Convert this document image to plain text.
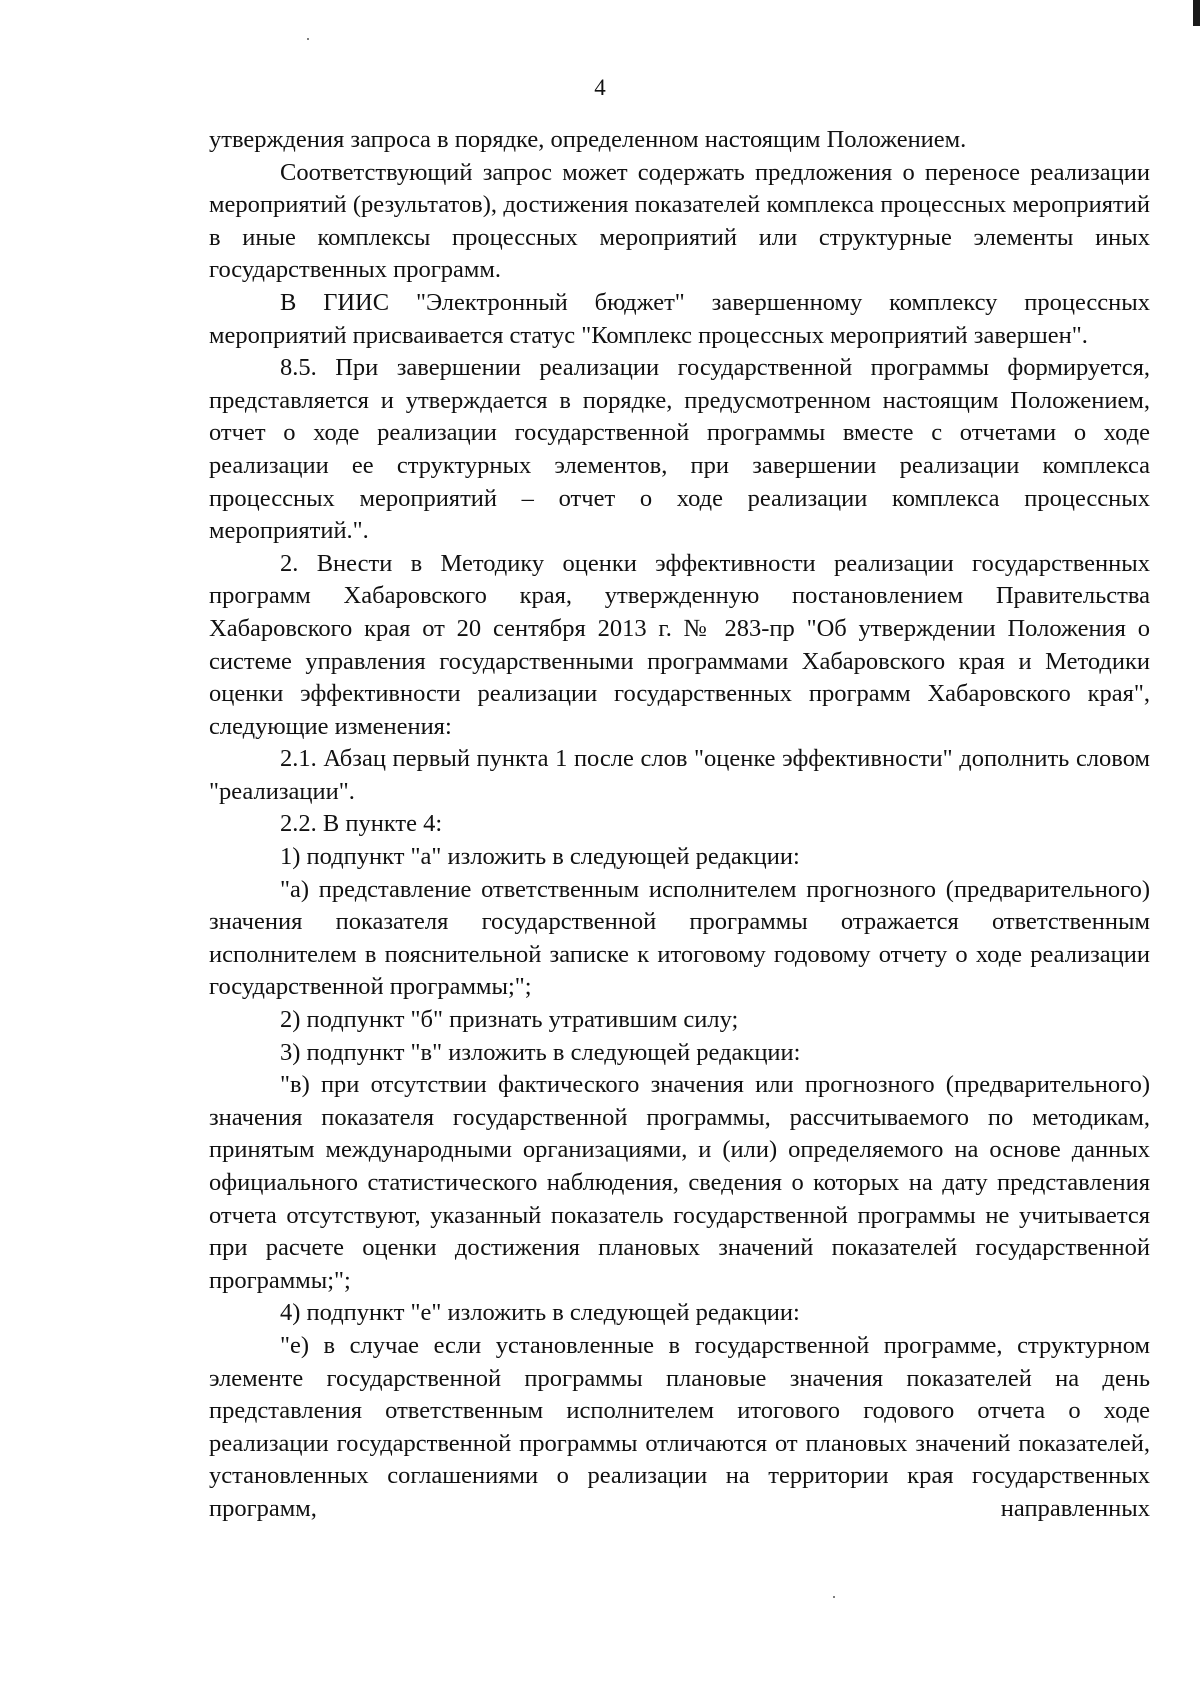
4

утверждения запроса в порядке, определенном настоящим Положением.

Соответствующий запрос может содержать предложения о переносе реализации мероприятий (результатов), достижения показателей комплекса процессных мероприятий в иные комплексы процессных мероприятий или структурные элементы иных государственных программ.

В ГИИС "Электронный бюджет" завершенному комплексу процессных мероприятий присваивается статус "Комплекс процессных мероприятий завершен".

8.5. При завершении реализации государственной программы формируется, представляется и утверждается в порядке, предусмотренном настоящим Положением, отчет о ходе реализации государственной программы вместе с отчетами о ходе реализации ее структурных элементов, при завершении реализации комплекса процессных мероприятий – отчет о ходе реализации комплекса процессных мероприятий.".

2. Внести в Методику оценки эффективности реализации государственных программ Хабаровского края, утвержденную постановлением Правительства Хабаровского края от 20 сентября 2013 г. № 283-пр "Об утверждении Положения о системе управления государственными программами Хабаровского края и Методики оценки эффективности реализации государственных программ Хабаровского края", следующие изменения:

2.1. Абзац первый пункта 1 после слов "оценке эффективности" дополнить словом "реализации".

2.2. В пункте 4:

1) подпункт "а" изложить в следующей редакции:

"а) представление ответственным исполнителем прогнозного (предварительного) значения показателя государственной программы отражается ответственным исполнителем в пояснительной записке к итоговому годовому отчету о ходе реализации государственной программы;";

2) подпункт "б" признать утратившим силу;

3) подпункт "в" изложить в следующей редакции:

"в) при отсутствии фактического значения или прогнозного (предварительного) значения показателя государственной программы, рассчитываемого по методикам, принятым международными организациями, и (или) определяемого на основе данных официального статистического наблюдения, сведения о которых на дату представления отчета отсутствуют, указанный показатель государственной программы не учитывается при расчете оценки достижения плановых значений показателей государственной программы;";

4) подпункт "е" изложить в следующей редакции:

"е) в случае если установленные в государственной программе, структурном элементе государственной программы плановые значения показателей на день представления ответственным исполнителем итогового годового отчета о ходе реализации государственной программы отличаются от плановых значений показателей, установленных соглашениями о реализации на территории края государственных программ, направленных
